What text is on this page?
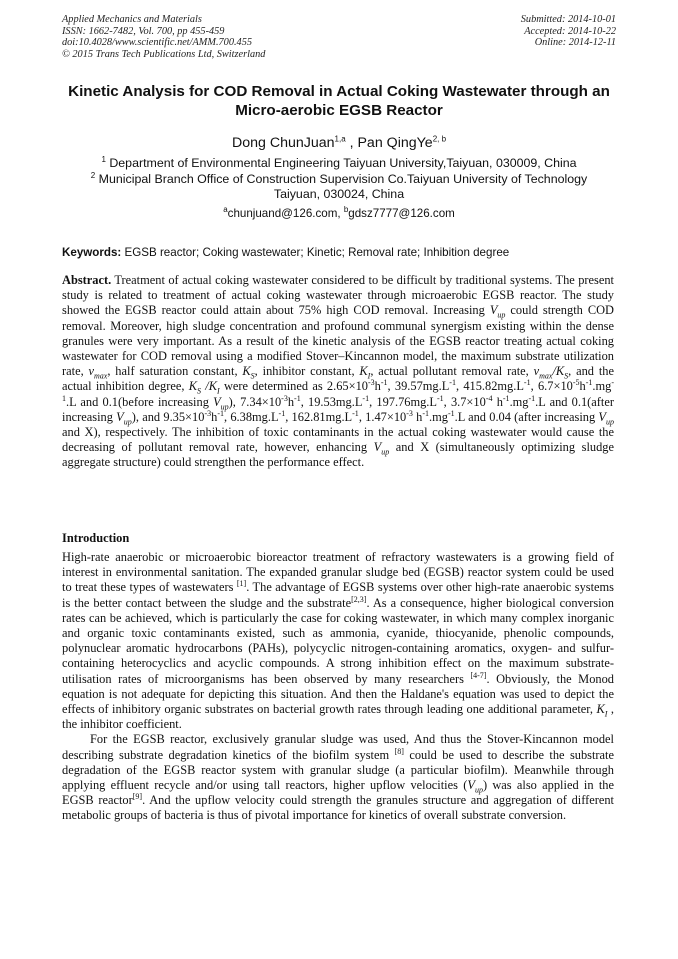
Applied Mechanics and Materials
ISSN: 1662-7482, Vol. 700, pp 455-459
doi:10.4028/www.scientific.net/AMM.700.455
© 2015 Trans Tech Publications Ltd, Switzerland
Submitted: 2014-10-01
Accepted: 2014-10-22
Online: 2014-12-11
Kinetic Analysis for COD Removal in Actual Coking Wastewater through an Micro-aerobic EGSB Reactor
Dong ChunJuan$^{1,a}$ , Pan QingYe$^{2, b}$
$^1$ Department of Environmental Engineering Taiyuan University,Taiyuan, 030009, China
$^2$ Municipal Branch Office of Construction Supervision Co.Taiyuan University of Technology
Taiyuan, 030024, China
$^a$chunjuand@126.com, $^b$gdsz7777@126.com
Keywords: EGSB reactor; Coking wastewater; Kinetic; Removal rate; Inhibition degree

Abstract. Treatment of actual coking wastewater considered to be difficult by traditional systems. The present study is related to treatment of actual coking wastewater through microaerobic EGSB reactor. The study showed the EGSB reactor could attain about 75% high COD removal. Increasing $V_{up}$ could strength COD removal. Moreover, high sludge concentration and profound communal synergism existing within the dense granules were very important. As a result of the kinetic analysis of the EGSB reactor treating actual coking wastewater for COD removal using a modified Stover–Kincannon model, the maximum substrate utilization rate, $v_{max}$, half saturation constant, $K_S$, inhibitor constant, $K_I$, actual pollutant removal rate, $v_{max}/K_S$, and the actual inhibition degree, $K_S$ $/K_I$ were determined as $2.65\times 10^{-3}h^{-1}$, $39.57mg.L^{-1}$, $415.82mg.L^{-1}$, $6.7\times 10^{-5}h^{-1}.mg^{-1}.L$ and 0.1(before increasing $V_{up}$), $7.34\times 10^{-3}h^{-1}$, $19.53mg.L^{-1}$, $197.76mg.L^{-1}$, $3.7\times 10^{-4}$ $h^{-1}.mg^{-1}.L$ and 0.1(after increasing $V_{up}$), and $9.35\times 10^{-3}h^{-1}$, $6.38mg.L^{-1}$, $162.81mg.L^{-1}$, $1.47\times 10^{-3}$ $h^{-1}.mg^{-1}.L$ and 0.04 (after increasing $V_{up}$ and X), respectively. The inhibition of toxic contaminants in the actual coking wastewater would cause the decreasing of pollutant removal rate, however, enhancing $V_{up}$ and X (simultaneously optimizing sludge aggregate structure) could strengthen the performance effect.

Introduction

High-rate anaerobic or microaerobic bioreactor treatment of refractory wastewaters is a growing field of interest in environmental sanitation. The expanded granular sludge bed (EGSB) reactor system could be used to treat these types of wastewaters [1]. The advantage of EGSB systems over other high-rate anaerobic systems is the better contact between the sludge and the substrate[2,3]. As a consequence, higher biological conversion rates can be achieved, which is particularly the case for coking wastewater, in which many complex inorganic and organic toxic contaminants existed, such as ammonia, cyanide, thiocyanide, phenolic compounds, polynuclear aromatic hydrocarbons (PAHs), polycyclic nitrogen-containing aromatics, oxygen- and sulfur-containing heterocyclics and acyclic compounds. A strong inhibition effect on the maximum substrate-utilisation rates of microorganisms has been observed by many researchers [4-7]. Obviously, the Monod equation is not adequate for depicting this situation. And then the Haldane's equation was used to depict the effects of inhibitory organic substrates on bacterial growth rates through leading one additional parameter, $K_I$ , the inhibitor coefficient.

For the EGSB reactor, exclusively granular sludge was used, And thus the Stover-Kincannon model describing substrate degradation kinetics of the biofilm system [8] could be used to describe the substrate degradation of the EGSB reactor system with granular sludge (a particular biofilm). Meanwhile through applying effluent recycle and/or using tall reactors, higher upflow velocities $(V_{up})$ was also applied in the EGSB reactor[9]. And the upflow velocity could strength the granules structure and aggregation of different metabolic groups of bacteria is thus of pivotal importance for kinetics of overall substrate conversion.
